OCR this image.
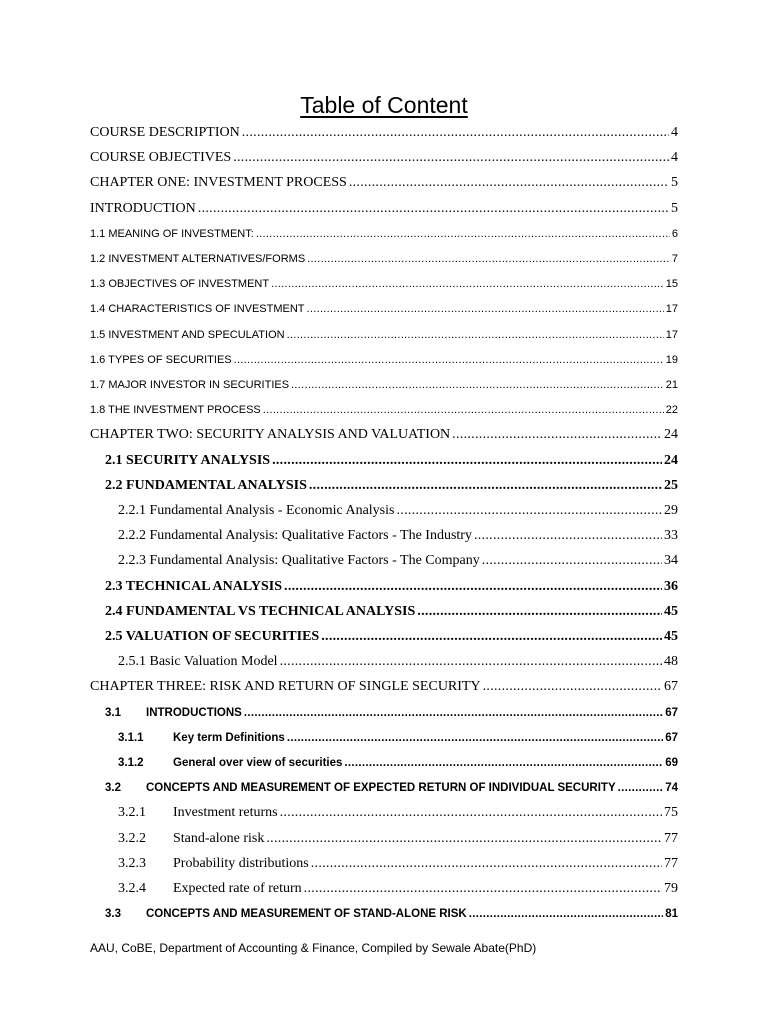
Table of Content
COURSE DESCRIPTION .....	4
COURSE OBJECTIVES .....	4
CHAPTER ONE: INVESTMENT PROCESS .....	5
INTRODUCTION .....	5
1.1 MEANING OF INVESTMENT: .....	6
1.2 INVESTMENT ALTERNATIVES/FORMS .....	7
1.3 OBJECTIVES OF INVESTMENT .....	15
1.4 CHARACTERISTICS OF INVESTMENT .....	17
1.5 INVESTMENT AND SPECULATION .....	17
1.6 TYPES OF SECURITIES .....	19
1.7 MAJOR INVESTOR IN SECURITIES .....	21
1.8 THE INVESTMENT PROCESS .....	22
CHAPTER TWO: SECURITY ANALYSIS AND VALUATION .....	24
2.1 SECURITY ANALYSIS .....	24
2.2 FUNDAMENTAL ANALYSIS .....	25
2.2.1 Fundamental Analysis - Economic Analysis .....	29
2.2.2 Fundamental Analysis: Qualitative Factors - The Industry .....	33
2.2.3 Fundamental Analysis: Qualitative Factors - The Company .....	34
2.3 TECHNICAL ANALYSIS .....	36
2.4 FUNDAMENTAL VS TECHNICAL ANALYSIS .....	45
2.5 VALUATION OF SECURITIES .....	45
2.5.1 Basic Valuation Model .....	48
CHAPTER THREE: RISK AND RETURN OF SINGLE SECURITY .....	67
3.1	INTRODUCTIONS .....	67
3.1.1	Key term Definitions .....	67
3.1.2	General over view of securities .....	69
3.2	CONCEPTS AND MEASUREMENT OF EXPECTED RETURN OF INDIVIDUAL SECURITY .....	74
3.2.1	Investment returns .....	75
3.2.2	Stand-alone risk .....	77
3.2.3	Probability distributions .....	77
3.2.4	Expected rate of return .....	79
3.3	CONCEPTS AND MEASUREMENT OF STAND-ALONE RISK .....	81
AAU, CoBE, Department of Accounting & Finance, Compiled by Sewale Abate(PhD)
